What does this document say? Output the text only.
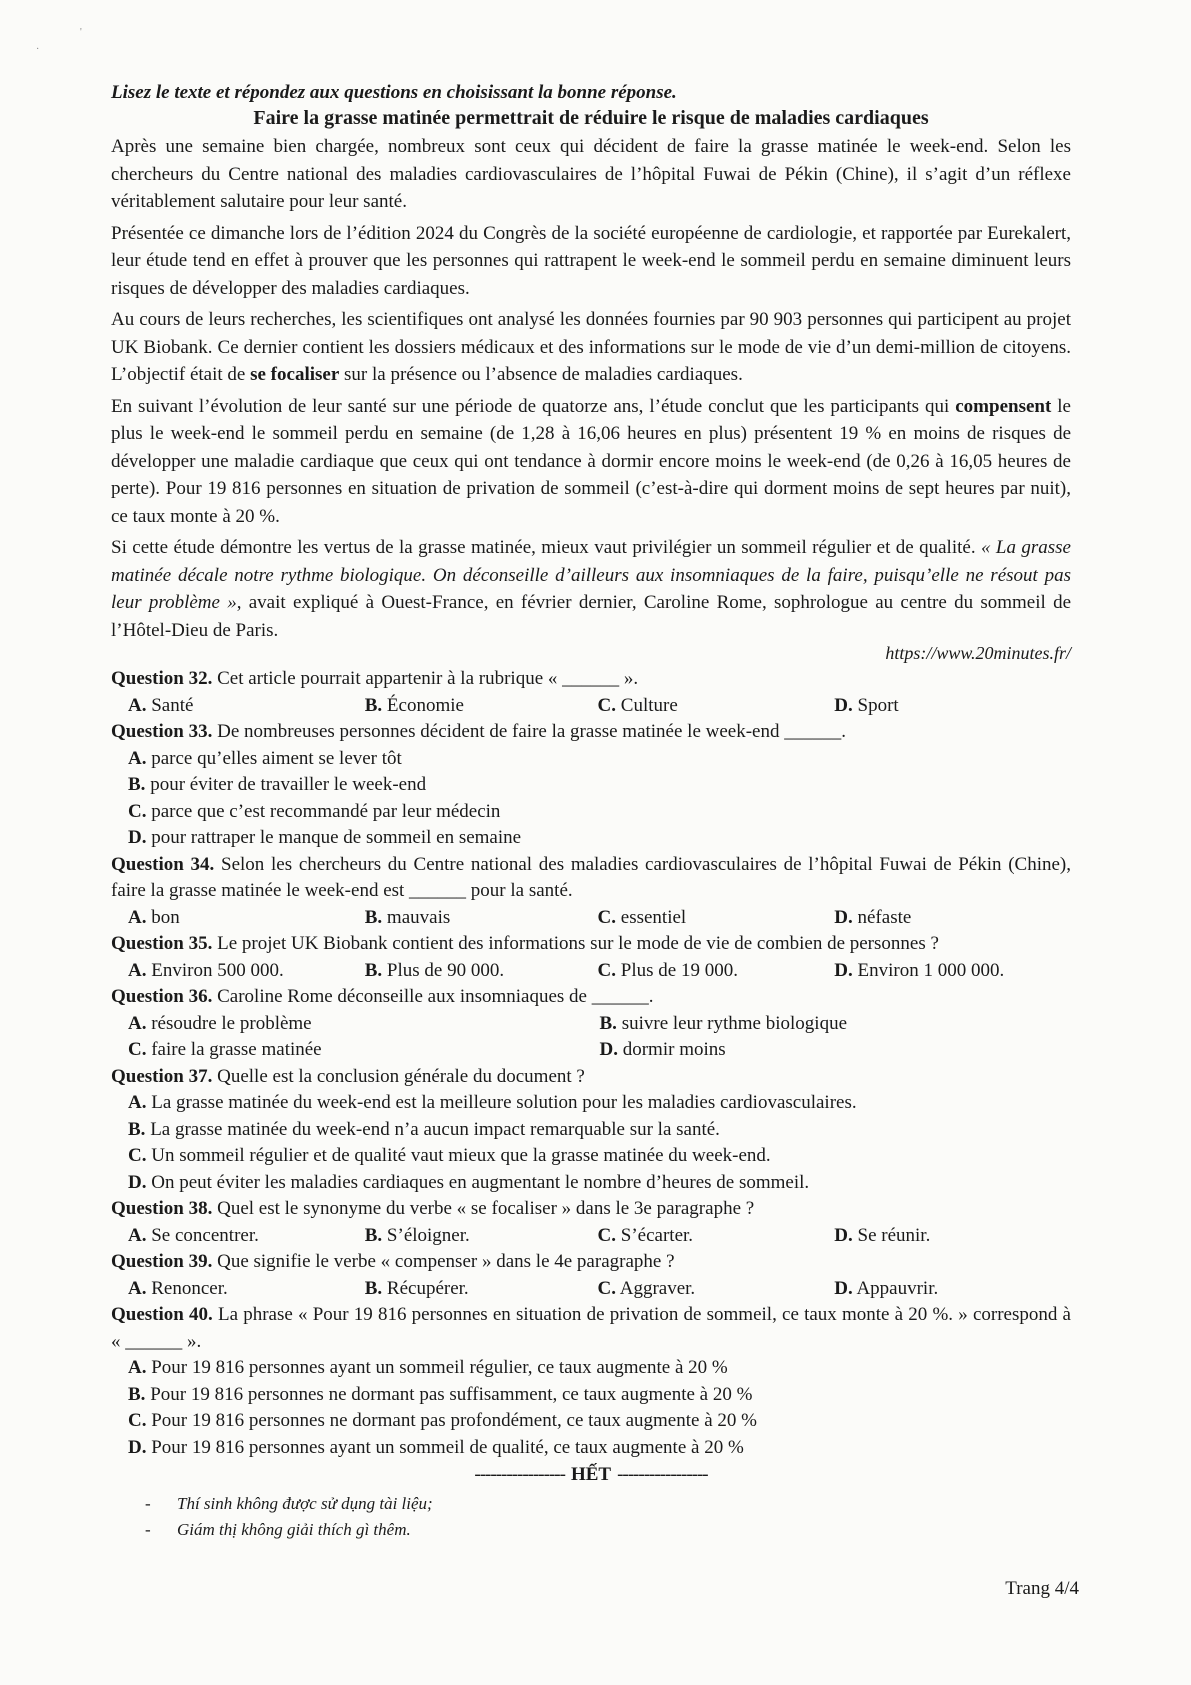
'
·
Lisez le texte et répondez aux questions en choisissant la bonne réponse.
Faire la grasse matinée permettrait de réduire le risque de maladies cardiaques
Après une semaine bien chargée, nombreux sont ceux qui décident de faire la grasse matinée le week-end. Selon les chercheurs du Centre national des maladies cardiovasculaires de l’hôpital Fuwai de Pékin (Chine), il s’agit d’un réflexe véritablement salutaire pour leur santé.
Présentée ce dimanche lors de l’édition 2024 du Congrès de la société européenne de cardiologie, et rapportée par Eurekalert, leur étude tend en effet à prouver que les personnes qui rattrapent le week-end le sommeil perdu en semaine diminuent leurs risques de développer des maladies cardiaques.
Au cours de leurs recherches, les scientifiques ont analysé les données fournies par 90 903 personnes qui participent au projet UK Biobank. Ce dernier contient les dossiers médicaux et des informations sur le mode de vie d’un demi-million de citoyens. L’objectif était de se focaliser sur la présence ou l’absence de maladies cardiaques.
En suivant l’évolution de leur santé sur une période de quatorze ans, l’étude conclut que les participants qui compensent le plus le week-end le sommeil perdu en semaine (de 1,28 à 16,06 heures en plus) présentent 19 % en moins de risques de développer une maladie cardiaque que ceux qui ont tendance à dormir encore moins le week-end (de 0,26 à 16,05 heures de perte). Pour 19 816 personnes en situation de privation de sommeil (c’est-à-dire qui dorment moins de sept heures par nuit), ce taux monte à 20 %.
Si cette étude démontre les vertus de la grasse matinée, mieux vaut privilégier un sommeil régulier et de qualité. « La grasse matinée décale notre rythme biologique. On déconseille d’ailleurs aux insomniaques de la faire, puisqu’elle ne résout pas leur problème », avait expliqué à Ouest-France, en février dernier, Caroline Rome, sophrologue au centre du sommeil de l’Hôtel-Dieu de Paris.
https://www.20minutes.fr/
Question 32. Cet article pourrait appartenir à la rubrique « ______ ».
A. Santé	B. Économie	C. Culture	D. Sport
Question 33. De nombreuses personnes décident de faire la grasse matinée le week-end ______.
A. parce qu’elles aiment se lever tôt
B. pour éviter de travailler le week-end
C. parce que c’est recommandé par leur médecin
D. pour rattraper le manque de sommeil en semaine
Question 34. Selon les chercheurs du Centre national des maladies cardiovasculaires de l’hôpital Fuwai de Pékin (Chine), faire la grasse matinée le week-end est ______ pour la santé.
A. bon	B. mauvais	C. essentiel	D. néfaste
Question 35. Le projet UK Biobank contient des informations sur le mode de vie de combien de personnes ?
A. Environ 500 000.	B. Plus de 90 000.	C. Plus de 19 000.	D. Environ 1 000 000.
Question 36. Caroline Rome déconseille aux insomniaques de ______.
A. résoudre le problème	B. suivre leur rythme biologique
C. faire la grasse matinée	D. dormir moins
Question 37. Quelle est la conclusion générale du document ?
A. La grasse matinée du week-end est la meilleure solution pour les maladies cardiovasculaires.
B. La grasse matinée du week-end n’a aucun impact remarquable sur la santé.
C. Un sommeil régulier et de qualité vaut mieux que la grasse matinée du week-end.
D. On peut éviter les maladies cardiaques en augmentant le nombre d’heures de sommeil.
Question 38. Quel est le synonyme du verbe « se focaliser » dans le 3e paragraphe ?
A. Se concentrer.	B. S’éloigner.	C. S’écarter.	D. Se réunir.
Question 39. Que signifie le verbe « compenser » dans le 4e paragraphe ?
A. Renoncer.	B. Récupérer.	C. Aggraver.	D. Appauvrir.
Question 40. La phrase « Pour 19 816 personnes en situation de privation de sommeil, ce taux monte à 20 %. » correspond à « ______ ».
A. Pour 19 816 personnes ayant un sommeil régulier, ce taux augmente à 20 %
B. Pour 19 816 personnes ne dormant pas suffisamment, ce taux augmente à 20 %
C. Pour 19 816 personnes ne dormant pas profondément, ce taux augmente à 20 %
D. Pour 19 816 personnes ayant un sommeil de qualité, ce taux augmente à 20 %
----------------- HẾT -----------------
- Thí sinh không được sử dụng tài liệu;
- Giám thị không giải thích gì thêm.
Trang 4/4
